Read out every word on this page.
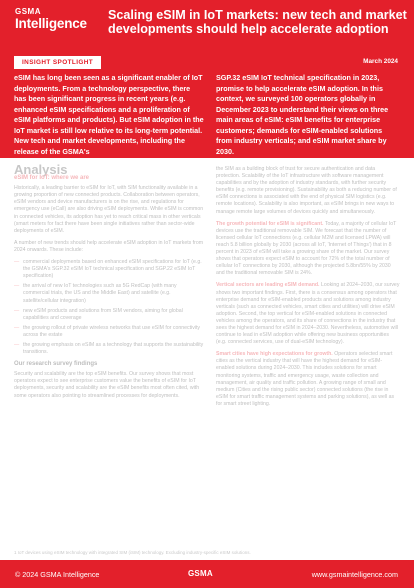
GSMA
Intelligence
Scaling eSIM in IoT markets: new tech and market developments should help accelerate adoption
INSIGHT SPOTLIGHT	March 2024
eSIM has long been seen as a significant enabler of IoT deployments. From a technology perspective, there has been significant progress in recent years (e.g. enhanced eSIM specifications and a proliferation of eSIM platforms and products). But eSIM adoption in the IoT market is still low relative to its long-term potential. New tech and market developments, including the release of the GSMA's
SGP.32 eSIM IoT technical specification in 2023, promise to help accelerate eSIM adoption. In this context, we surveyed 100 operators globally in December 2023 to understand their views on three main areas of eSIM: eSIM benefits for enterprise customers; demands for eSIM-enabled solutions from industry verticals; and eSIM market share by 2030.
Analysis
eSIM for IoT: where we are

Historically, a leading barrier to eSIM for IoT, with SIM functionality available in a growing proportion of new connected products. Collaboration between operators, eSIM vendors and device manufacturers is on the rise, and regulations for emergency use (eCall) are also driving eSIM deployments. While eSIM is common in connected vehicles, its adoption has yet to reach critical mass in other verticals (smart meters for fact there have been single initiatives rather than sector-wide deployments of eSIM.

A number of new trends should help accelerate eSIM adoption in IoT markets from 2024 onwards. These include:

— commercial deployments based on enhanced eSIM specifications for IoT (e.g. the GSMA's SGP.32 eSIM IoT technical specification and SGP.22 eSIM IoT specification)
— the arrival of new IoT technologies such as 5G RedCap (with many commercial trials, the US and the Middle East) and satellite (e.g. satellite/cellular integration)
— new eSIM products and solutions from SIM vendors, aiming for global capabilities and coverage
— the growing rollout of private wireless networks that use eSIM for connectivity across the estate
— the growing emphasis on eSIM as a technology that supports the sustainability transitions.
Our research survey findings

Security and scalability are the top eSIM benefits. Our survey shows that most operators expect to see enterprise customers value the benefits of eSIM for IoT deployments, security and scalability are the eSIM benefits most often cited, with some operators also pointing to streamlined processes for deployments.

the SIM as a building block of trust for secure authentication and data protection. Scalability of the IoT infrastructure with software management capabilities and by the adoption of industry standards, with further security benefits (e.g. remote provisioning). Sustainability as both a reducing number of eSIM connections is associated with the end of physical SIM logistics (e.g. remote locations). Scalability is also important, as eSIM brings in new ways to manage remote large volumes of devices quickly and simultaneously.

The growth potential for eSIM is significant. Today, a majority of cellular IoT devices use the traditional removable SIM. We forecast that the number of licensed cellular IoT connections (e.g. cellular M2M and licensed LPWA) will reach 5.8 billion globally by 2030 (across all IoT, 'Internet of Things') that in 8 percent in 2023 of eSIM will take a growing share of the market. Our survey shows that operators expect eSIM to account for 72% of the total number of cellular IoT connections by 2030, although the projected 5.8bn/55% by 2030 and the traditional removable SIM is 24%.

Vertical sectors are leading eSIM demand. Looking at 2024–2030, our survey shows two important findings. First, there is a consensus among operators that enterprise demand for eSIM-enabled products and solutions among industry verticals (such as connected vehicles, smart cities and utilities) will drive eSIM adoption. Second, the top vertical for eSIM-enabled solutions in connected vehicles among the operators, and its share of connections in the industry that sees the highest demand for eSIM in 2024–2030. Nevertheless, automotive will continue to lead in eSIM adoption while offering new business opportunities (e.g. connected services, use of dual-eSIM technology).

Smart cities have high expectations for growth. Operators selected smart cities as the vertical industry that will have the highest demand for eSIM-enabled solutions during 2024–2030. This includes solutions for smart monitoring systems, traffic and emergency usage, waste collection and management, air quality and traffic pollution. A growing range of small and medium (Cities and the rising public sector) connected solutions (the rise in eSIM for smart traffic management systems and parking solutions), as well as for smart street lighting.

1 IoT devices using eSIM technology with integrated SIM (iSIM) technology. Excluding industry-specific eSIM solutions.
© 2024 GSMA Intelligence	GSMA	www.gsmaintelligence.com
